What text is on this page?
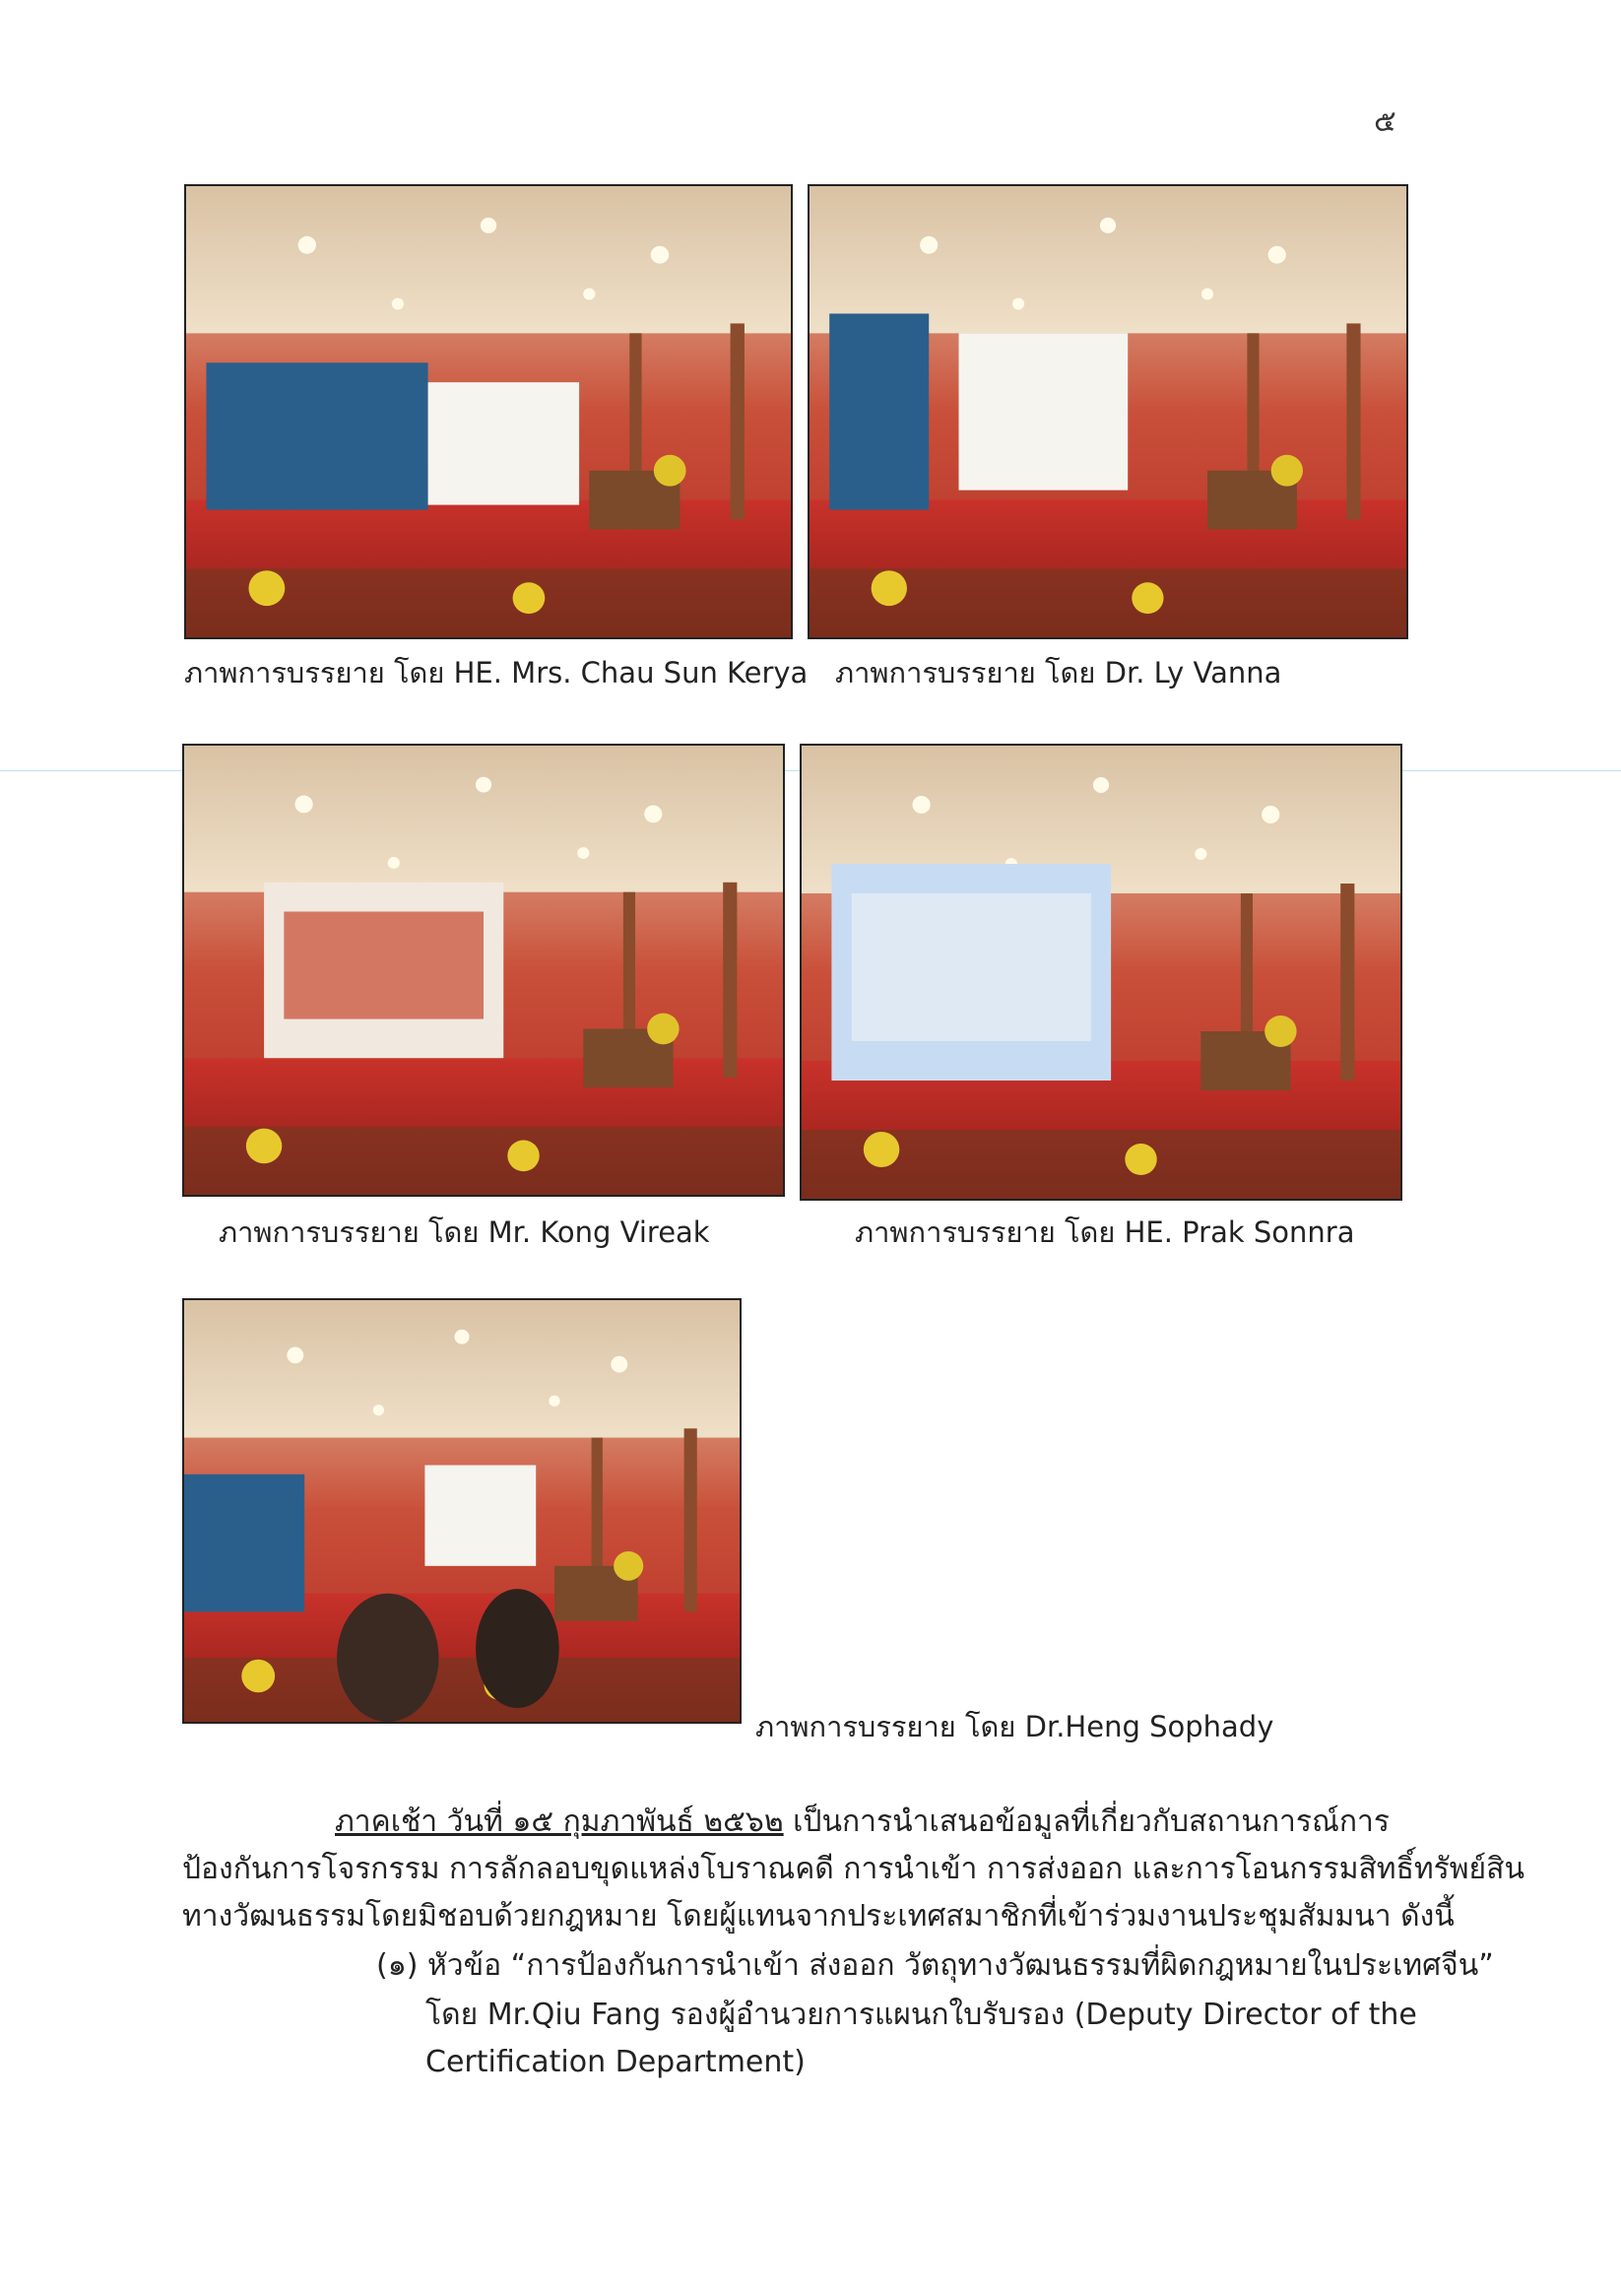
๕
ภาพการบรรยาย โดย HE. Mrs. Chau Sun Kerya ภาพการบรรยาย โดย Dr. Ly Vanna
ภาพการบรรยาย โดย Mr. Kong Vireak	ภาพการบรรยาย โดย HE. Prak Sonnra
ภาพการบรรยาย โดย Dr.Heng Sophady
ภาคเช้า วันที่ ๑๕ กุมภาพันธ์ ๒๕๖๒ เป็นการนำเสนอข้อมูลที่เกี่ยวกับสถานการณ์การ
ป้องกันการโจรกรรม การลักลอบขุดแหล่งโบราณคดี การนำเข้า การส่งออก และการโอนกรรมสิทธิ์ทรัพย์สิน
ทางวัฒนธรรมโดยมิชอบด้วยกฎหมาย โดยผู้แทนจากประเทศสมาชิกที่เข้าร่วมงานประชุมสัมมนา ดังนี้
(๑) หัวข้อ “การป้องกันการนำเข้า ส่งออก วัตถุทางวัฒนธรรมที่ผิดกฎหมายในประเทศจีน”
โดย Mr.Qiu Fang รองผู้อำนวยการแผนกใบรับรอง (Deputy Director of the
Certification Department)
